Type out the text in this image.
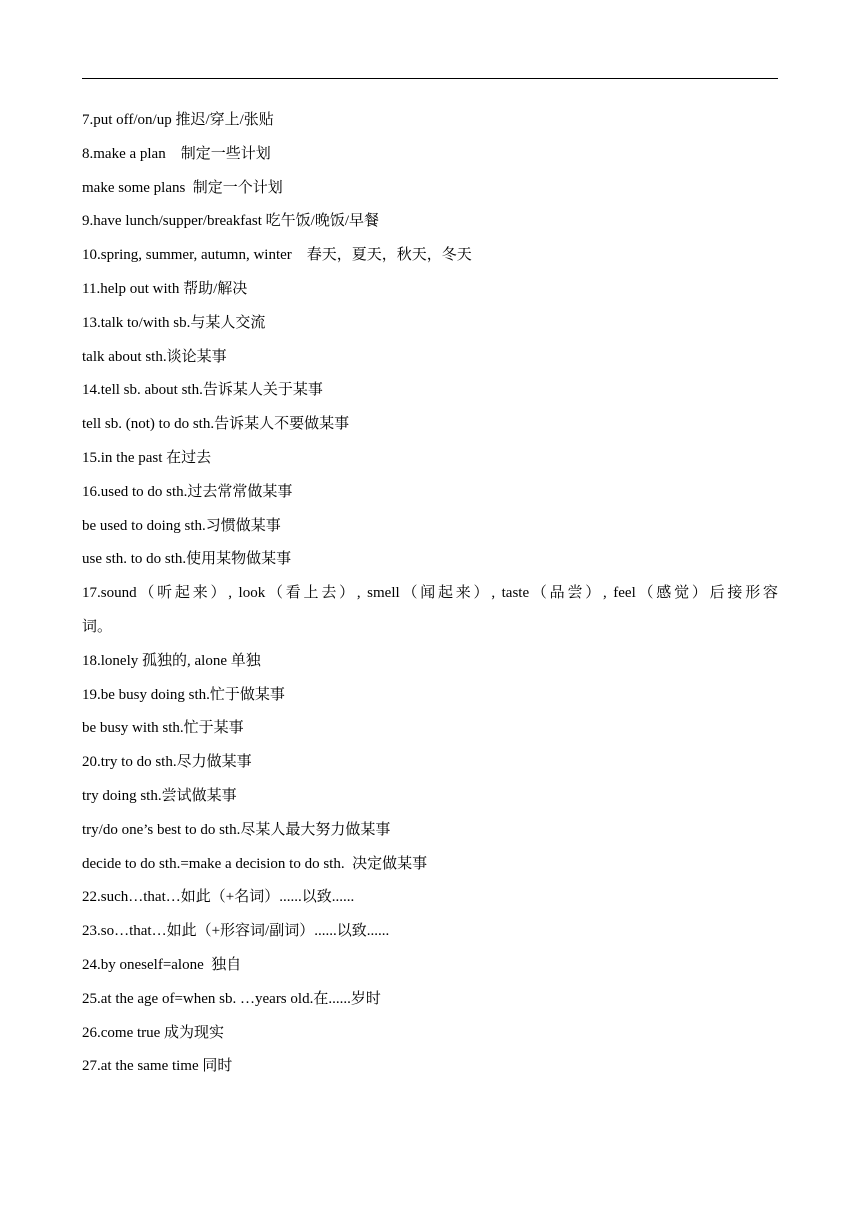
7.put off/on/up 推迟/穿上/张贴

8.make a plan　制定一些计划

make some plans  制定一个计划

9.have lunch/supper/breakfast 吃午饭/晚饭/早餐

10.spring, summer, autumn, winter　春天，夏天，秋天，冬天

11.help out with 帮助/解决

13.talk to/with sb.与某人交流

talk about sth.谈论某事

14.tell sb. about sth.告诉某人关于某事

tell sb. (not) to do sth.告诉某人不要做某事

15.in the past 在过去

16.used to do sth.过去常常做某事

be used to doing sth.习惯做某事

use sth. to do sth.使用某物做某事

17.sound（听起来）, look（看上去）, smell（闻起来）, taste（品尝）, feel（感觉）后接形容

词。

18.lonely 孤独的, alone 单独

19.be busy doing sth.忙于做某事

be busy with sth.忙于某事

20.try to do sth.尽力做某事

try doing sth.尝试做某事

try/do one’s best to do sth.尽某人最大努力做某事

decide to do sth.=make a decision to do sth.  决定做某事

22.such…that…如此（+名词）......以致......

23.so…that…如此（+形容词/副词）......以致......

24.by oneself=alone  独自

25.at the age of=when sb. …years old.在......岁时

26.come true 成为现实

27.at the same time 同时
